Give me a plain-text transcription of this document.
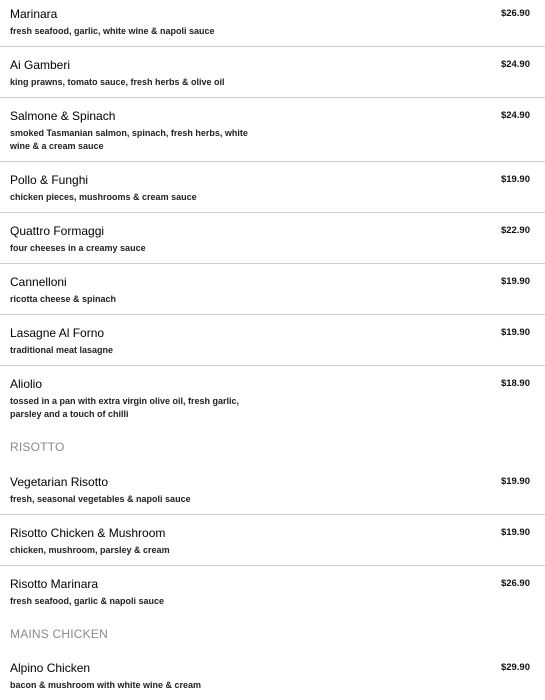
Marinara	$26.90
fresh seafood, garlic, white wine & napoli sauce
Ai Gamberi	$24.90
king prawns, tomato sauce, fresh herbs & olive oil
Salmone & Spinach	$24.90
smoked Tasmanian salmon, spinach, fresh herbs, white wine & a cream sauce
Pollo & Funghi	$19.90
chicken pieces, mushrooms & cream sauce
Quattro Formaggi	$22.90
four cheeses in a creamy sauce
Cannelloni	$19.90
ricotta cheese & spinach
Lasagne Al Forno	$19.90
traditional meat lasagne
Aliolio	$18.90
tossed in a pan with extra virgin olive oil, fresh garlic, parsley and a touch of chilli
RISOTTO
Vegetarian Risotto	$19.90
fresh, seasonal vegetables & napoli sauce
Risotto Chicken & Mushroom	$19.90
chicken, mushroom, parsley & cream
Risotto Marinara	$26.90
fresh seafood, garlic & napoli sauce
MAINS CHICKEN
Alpino Chicken	$29.90
bacon & mushroom with white wine & cream
